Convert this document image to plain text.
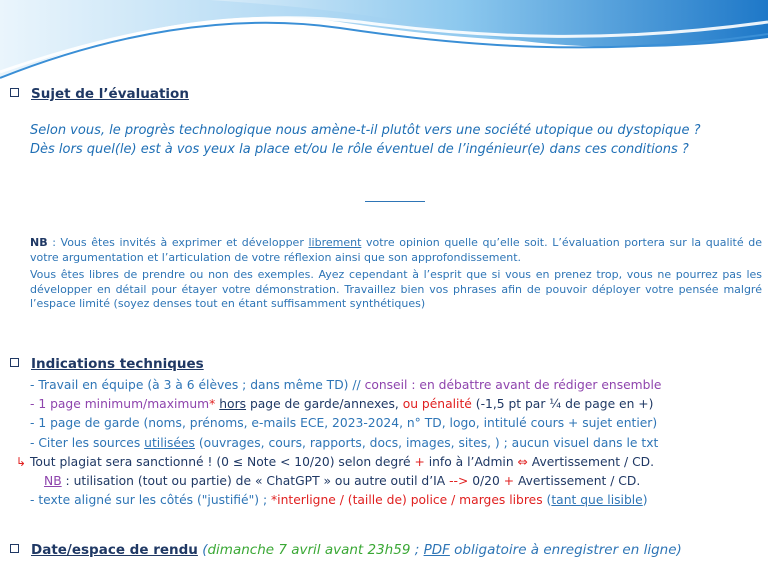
Sujet de l’évaluation
Selon vous, le progrès technologique nous amène-t-il plutôt vers une société utopique ou dystopique ?
Dès lors quel(le) est à vos yeux la place et/ou le rôle éventuel de l’ingénieur(e) dans ces conditions ?
NB : Vous êtes invités à exprimer et développer librement votre opinion quelle qu’elle soit. L’évaluation portera sur la qualité de votre argumentation et l’articulation de votre réflexion ainsi que son approfondissement.
Vous êtes libres de prendre ou non des exemples. Ayez cependant à l’esprit que si vous en prenez trop, vous ne pourrez pas les développer en détail pour étayer votre démonstration. Travaillez bien vos phrases afin de pouvoir déployer votre pensée malgré l’espace limité (soyez denses tout en étant suffisamment synthétiques)
Indications techniques
- Travail en équipe (à 3 à 6 élèves ; dans même TD) // conseil : en débattre avant de rédiger ensemble
- 1 page minimum/maximum* hors page de garde/annexes, ou pénalité (-1,5 pt par ¼ de page en +)
- 1 page de garde (noms, prénoms, e-mails ECE, 2023-2024, n° TD, logo, intitulé cours + sujet entier)
- Citer les sources utilisées (ouvrages, cours, rapports, docs, images, sites, ) ; aucun visuel dans le txt
↳ Tout plagiat sera sanctionné ! (0 ≤ Note < 10/20) selon degré + info à l’Admin ⇔ Avertissement / CD.
NB : utilisation (tout ou partie) de « ChatGPT » ou autre outil d’IA --> 0/20 + Avertissement / CD.
- texte aligné sur les côtés ("justifié") ; *interligne / (taille de) police / marges libres (tant que lisible)
Date/espace de rendu (dimanche 7 avril avant 23h59 ; PDF obligatoire à enregistrer en ligne)
